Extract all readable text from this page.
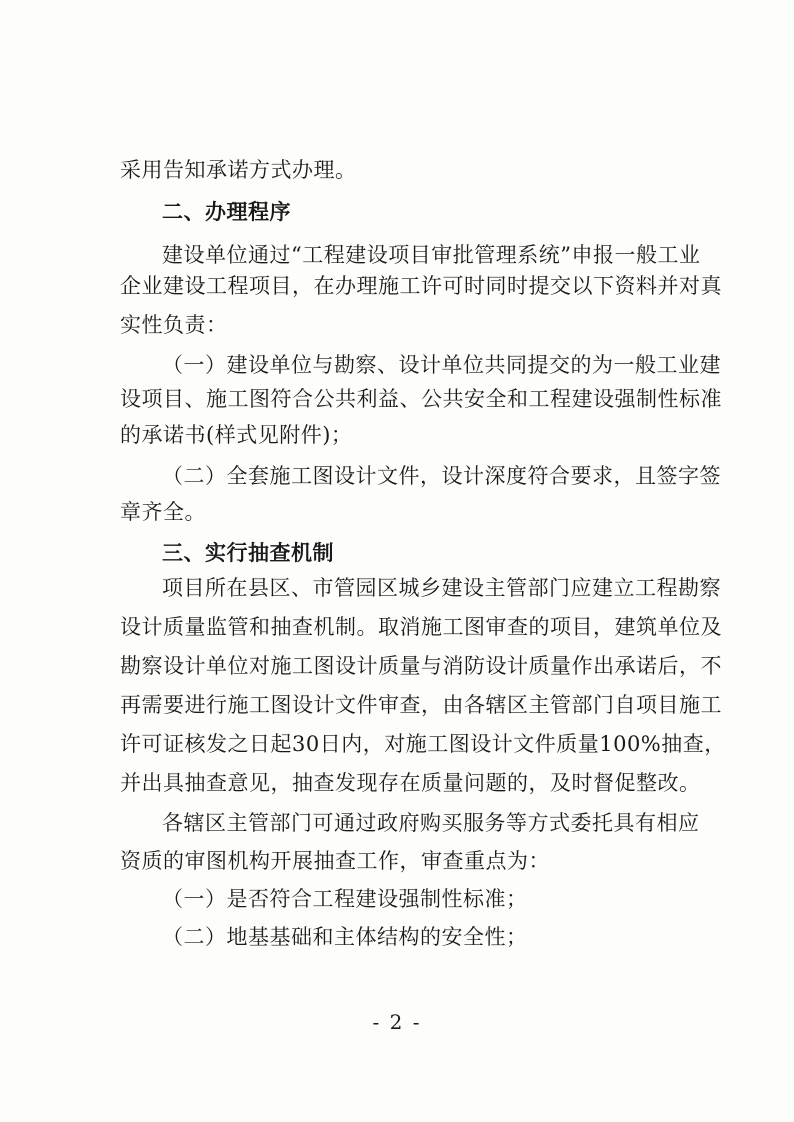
采用告知承诺方式办理。
二、办理程序
建设单位通过“工程建设项目审批管理系统”申报一般工业
企业建设工程项目，在办理施工许可时同时提交以下资料并对真
实性负责：
（一）建设单位与勘察、设计单位共同提交的为一般工业建
设项目、施工图符合公共利益、公共安全和工程建设强制性标准
的承诺书(样式见附件)；
（二）全套施工图设计文件，设计深度符合要求，且签字签
章齐全。
三、实行抽查机制
项目所在县区、市管园区城乡建设主管部门应建立工程勘察
设计质量监管和抽查机制。取消施工图审查的项目，建筑单位及
勘察设计单位对施工图设计质量与消防设计质量作出承诺后，不
再需要进行施工图设计文件审查，由各辖区主管部门自项目施工
许可证核发之日起30日内，对施工图设计文件质量100%抽查，
并出具抽查意见，抽查发现存在质量问题的，及时督促整改。
各辖区主管部门可通过政府购买服务等方式委托具有相应
资质的审图机构开展抽查工作，审查重点为：
（一）是否符合工程建设强制性标准；
（二）地基基础和主体结构的安全性；
- 2 -
